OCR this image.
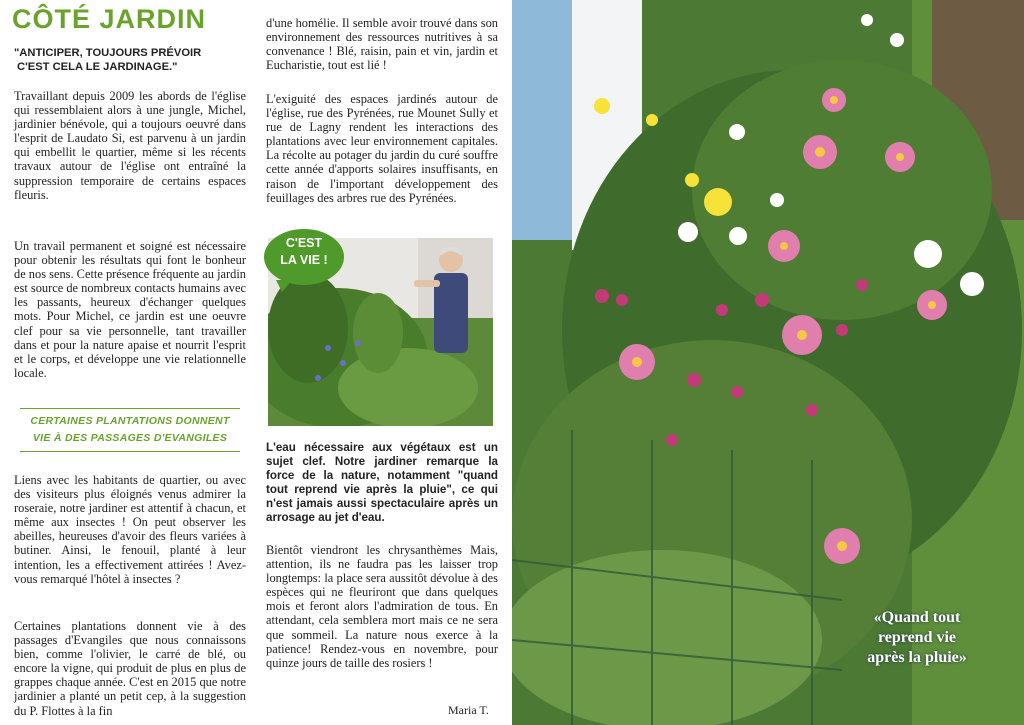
CÔTÉ JARDIN
"ANTICIPER, TOUJOURS PRÉVOIR
C'EST CELA LE JARDINAGE."

Travaillant depuis 2009 les abords de l'église qui ressemblaient alors à une jungle, Michel, jardinier bénévole, qui a toujours oeuvré dans l'esprit de Laudato Si, est parvenu à un jardin qui embellit le quartier, même si les récents travaux autour de l'église ont entraîné la suppression temporaire de certains espaces fleuris.

Un travail permanent et soigné est nécessaire pour obtenir les résultats qui font le bonheur de nos sens. Cette présence fréquente au jardin est source de nombreux contacts humains avec les passants, heureux d'échanger quelques mots. Pour Michel, ce jardin est une oeuvre clef pour sa vie personnelle, tant travailler dans et pour la nature apaise et nourrit l'esprit et le corps, et développe une vie relationnelle locale.

CERTAINES PLANTATIONS DONNENT
VIE À DES PASSAGES D'EVANGILES

Liens avec les habitants de quartier, ou avec des visiteurs plus éloignés venus admirer la roseraie, notre jardiner est attentif à chacun, et même aux insectes ! On peut observer les abeilles, heureuses d'avoir des fleurs variées à butiner. Ainsi, le fenouil, planté à leur intention, les a effectivement attirées ! Avez-vous remarqué l'hôtel à insectes ?

Certaines plantations donnent vie à des passages d'Evangiles que nous connaissons bien, comme l'olivier, le carré de blé, ou encore la vigne, qui produit de plus en plus de grappes chaque année. C'est en 2015 que notre jardinier a planté un petit cep, à la suggestion du P. Flottes à la fin

d'une homélie. Il semble avoir trouvé dans son environnement des ressources nutritives à sa convenance ! Blé, raisin, pain et vin, jardin et Eucharistie, tout est lié !

L'exiguité des espaces jardinés autour de l'église, rue des Pyrénées, rue Mounet Sully et rue de Lagny rendent les interactions des plantations avec leur environnement capitales. La récolte au potager du jardin du curé souffre cette année d'apports solaires insuffisants, en raison de l'important développement des feuillages des arbres rue des Pyrénées.

C'EST
LA VIE !

L'eau nécessaire aux végétaux est un sujet clef. Notre jardiner remarque la force de la nature, notamment "quand tout reprend vie après la pluie", ce qui n'est jamais aussi spectaculaire après un arrosage au jet d'eau.

Bientôt viendront les chrysanthèmes Mais, attention, ils ne faudra pas les laisser trop longtemps: la place sera aussitôt dévolue à des espèces qui ne fleuriront que dans quelques mois et feront alors l'admiration de tous. En attendant, cela semblera mort mais ce ne sera que sommeil. La nature nous exerce à la patience! Rendez-vous en novembre, pour quinze jours de taille des rosiers !

Maria T.
«Quand tout
reprend vie
après la pluie»
